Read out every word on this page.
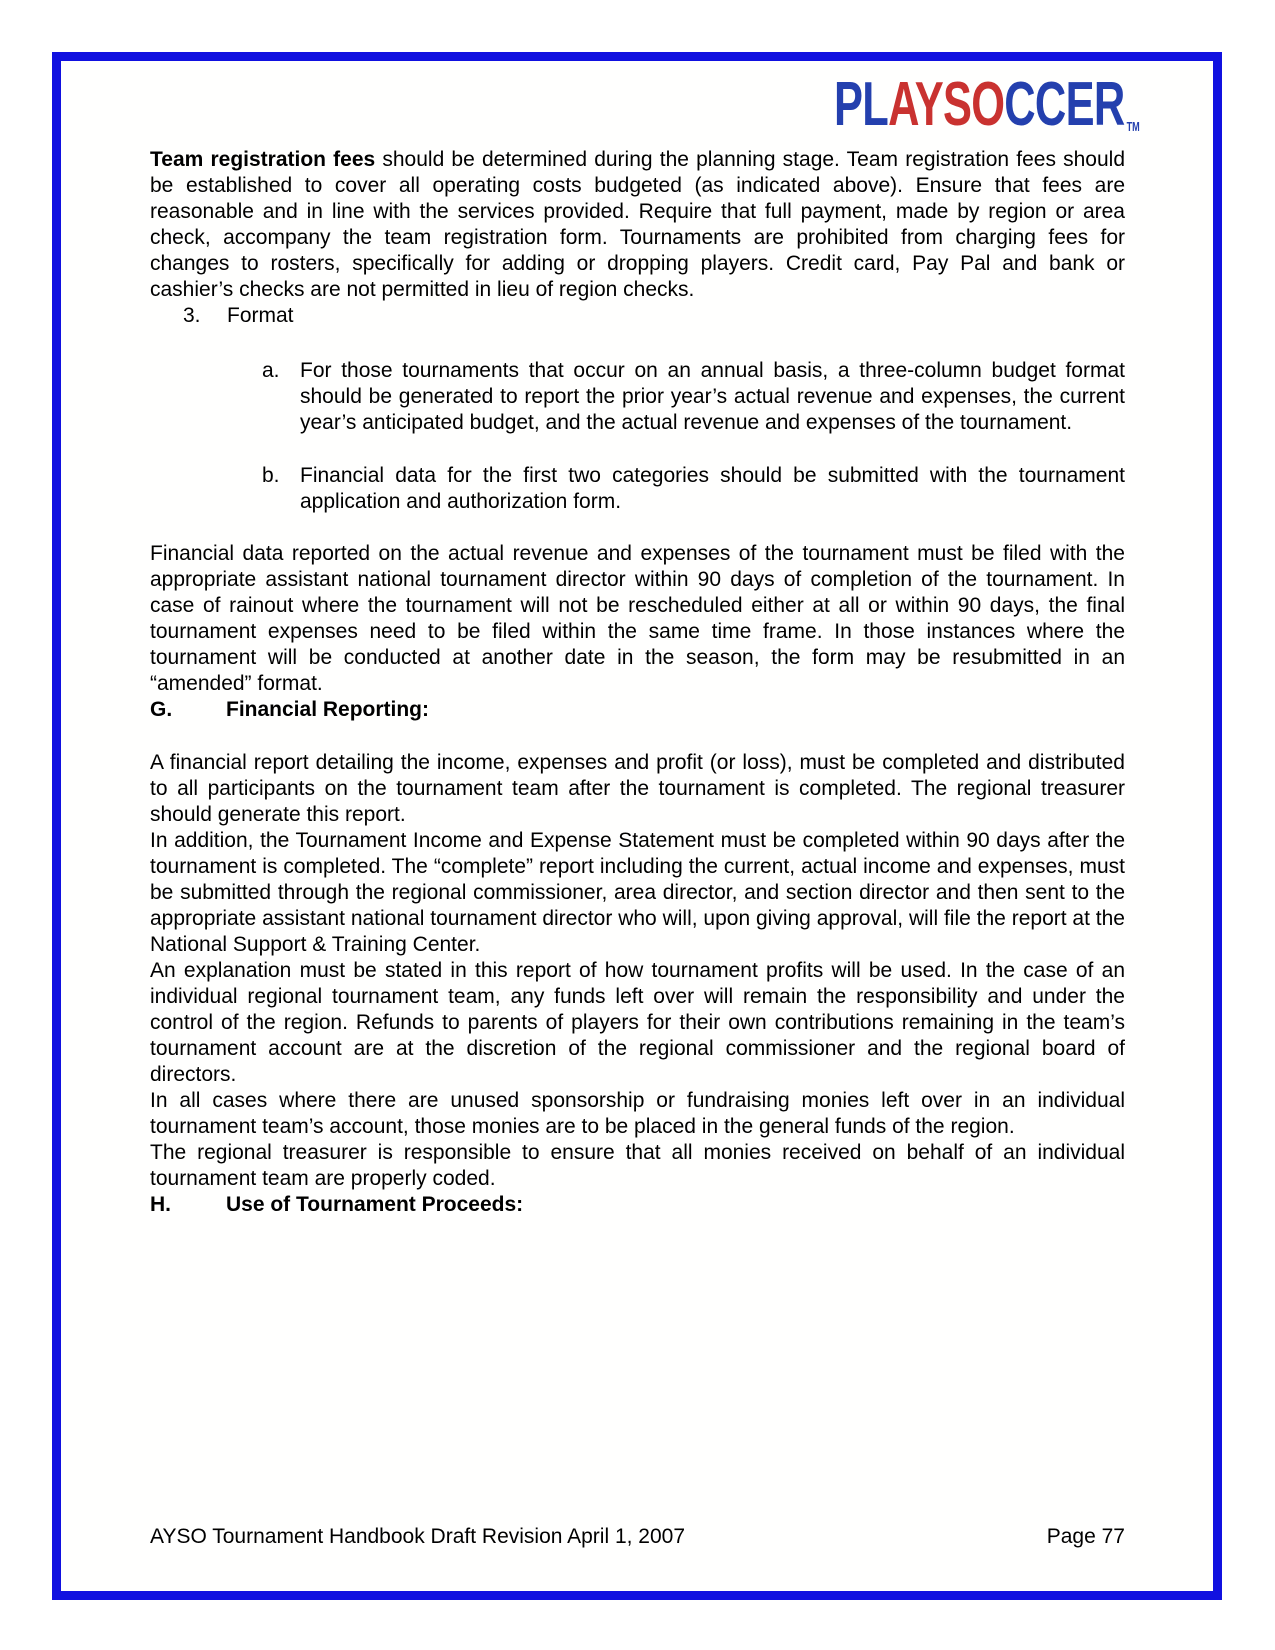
PL AYSO CCER TM

Team registration fees should be determined during the planning stage. Team registration fees should be established to cover all operating costs budgeted (as indicated above). Ensure that fees are reasonable and in line with the services provided. Require that full payment, made by region or area check, accompany the team registration form. Tournaments are prohibited from charging fees for changes to rosters, specifically for adding or dropping players. Credit card, Pay Pal and bank or cashier’s checks are not permitted in lieu of region checks.

3.	Format
a. For those tournaments that occur on an annual basis, a three-column budget format should be generated to report the prior year’s actual revenue and expenses, the current year’s anticipated budget, and the actual revenue and expenses of the tournament.

b. Financial data for the first two categories should be submitted with the tournament application and authorization form.

Financial data reported on the actual revenue and expenses of the tournament must be filed with the appropriate assistant national tournament director within 90 days of completion of the tournament. In case of rainout where the tournament will not be rescheduled either at all or within 90 days, the final tournament expenses need to be filed within the same time frame. In those instances where the tournament will be conducted at another date in the season, the form may be resubmitted in an “amended” format.

G.	Financial Reporting:

A financial report detailing the income, expenses and profit (or loss), must be completed and distributed to all participants on the tournament team after the tournament is completed. The regional treasurer should generate this report.

In addition, the Tournament Income and Expense Statement must be completed within 90 days after the tournament is completed. The “complete” report including the current, actual income and expenses, must be submitted through the regional commissioner, area director, and section director and then sent to the appropriate assistant national tournament director who will, upon giving approval, will file the report at the National Support & Training Center.

An explanation must be stated in this report of how tournament profits will be used. In the case of an individual regional tournament team, any funds left over will remain the responsibility and under the control of the region. Refunds to parents of players for their own contributions remaining in the team’s tournament account are at the discretion of the regional commissioner and the regional board of directors.

In all cases where there are unused sponsorship or fundraising monies left over in an individual tournament team’s account, those monies are to be placed in the general funds of the region.

The regional treasurer is responsible to ensure that all monies received on behalf of an individual tournament team are properly coded.

H.	Use of Tournament Proceeds:
AYSO Tournament Handbook Draft Revision April 1, 2007	Page 77
